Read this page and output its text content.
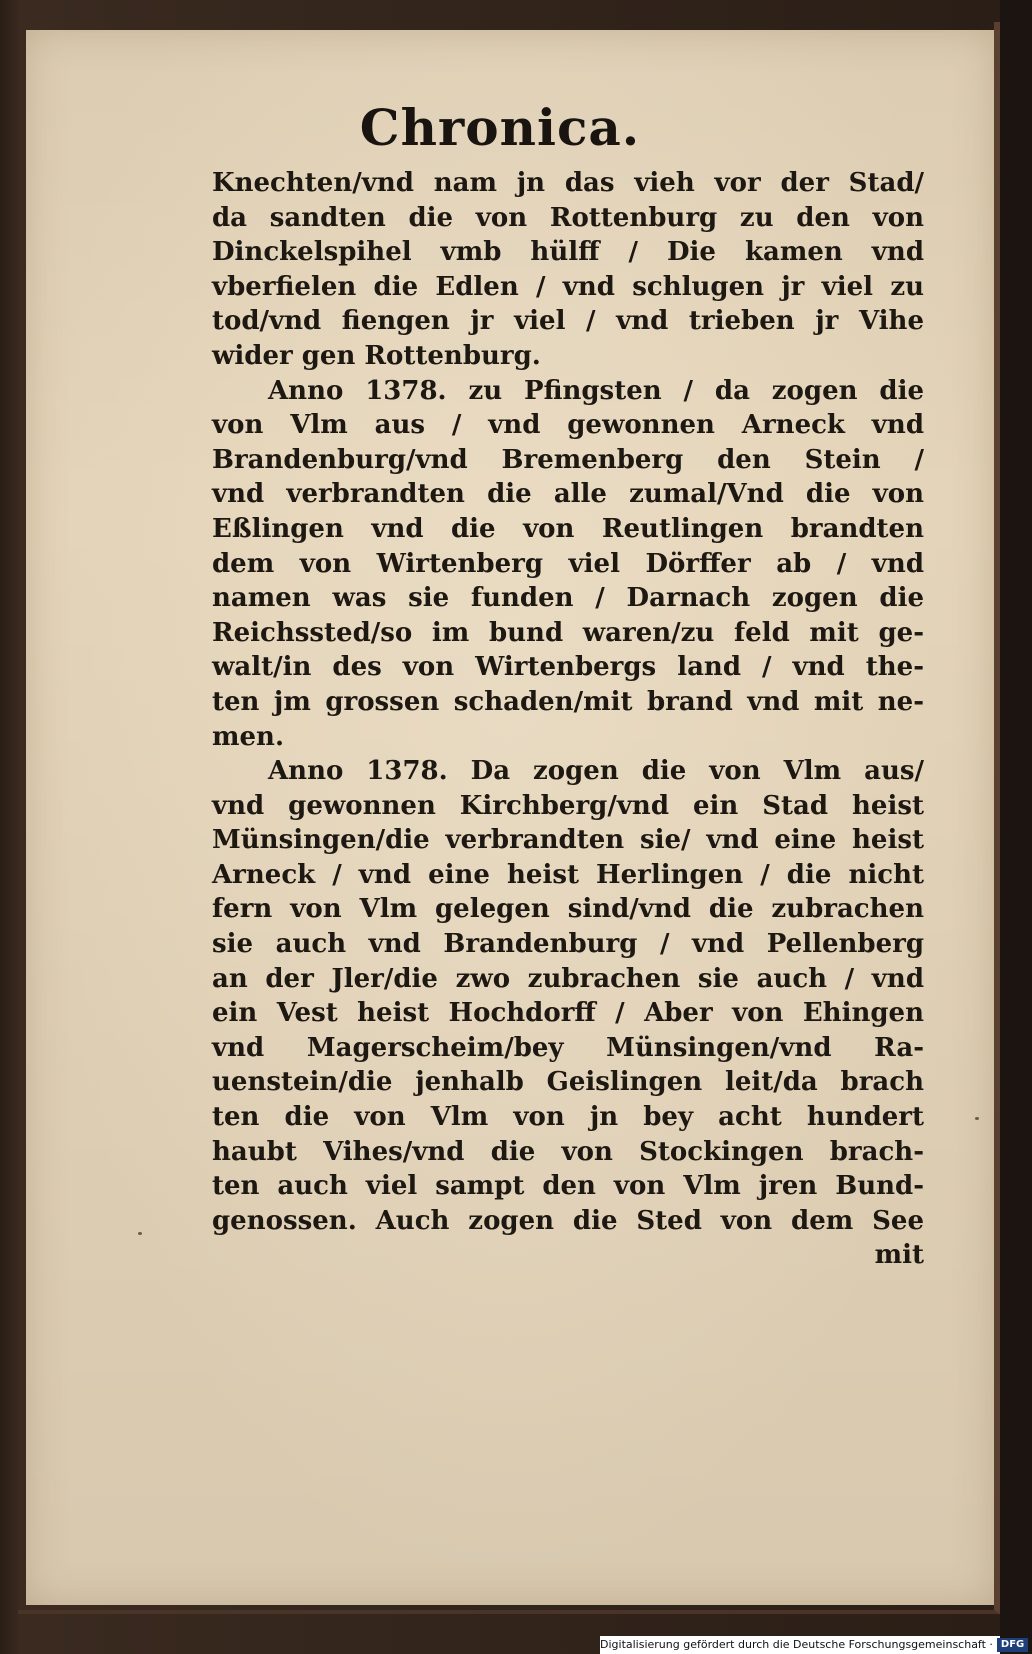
Chronica.
Knechten/vnd nam jn das vieh vor der Stad/
da sandten die von Rottenburg zu den von
Dinckelspihel vmb hülff / Die kamen vnd
vberfielen die Edlen / vnd schlugen jr viel zu
tod/vnd fiengen jr viel / vnd trieben jr Vihe
wider gen Rottenburg.
Anno 1378. zu Pfingsten / da zogen die
von Vlm aus / vnd gewonnen Arneck vnd
Brandenburg/vnd Bremenberg den Stein /
vnd verbrandten die alle zumal/Vnd die von
Eßlingen vnd die von Reutlingen brandten
dem von Wirtenberg viel Dörffer ab / vnd
namen was sie funden / Darnach zogen die
Reichssted/so im bund waren/zu feld mit ge-
walt/in des von Wirtenbergs land / vnd the-
ten jm grossen schaden/mit brand vnd mit ne-
men.
Anno 1378. Da zogen die von Vlm aus/
vnd gewonnen Kirchberg/vnd ein Stad heist
Münsingen/die verbrandten sie/ vnd eine heist
Arneck / vnd eine heist Herlingen / die nicht
fern von Vlm gelegen sind/vnd die zubrachen
sie auch vnd Brandenburg / vnd Pellenberg
an der Jler/die zwo zubrachen sie auch / vnd
ein Vest heist Hochdorff / Aber von Ehingen
vnd Magerscheim/bey Münsingen/vnd Ra-
uenstein/die jenhalb Geislingen leit/da brach
ten die von Vlm von jn bey acht hundert
haubt Vihes/vnd die von Stockingen brach-
ten auch viel sampt den von Vlm jren Bund-
genossen. Auch zogen die Sted von dem See
mit
Digitalisierung gefördert durch die Deutsche Forschungsgemeinschaft · DFG
